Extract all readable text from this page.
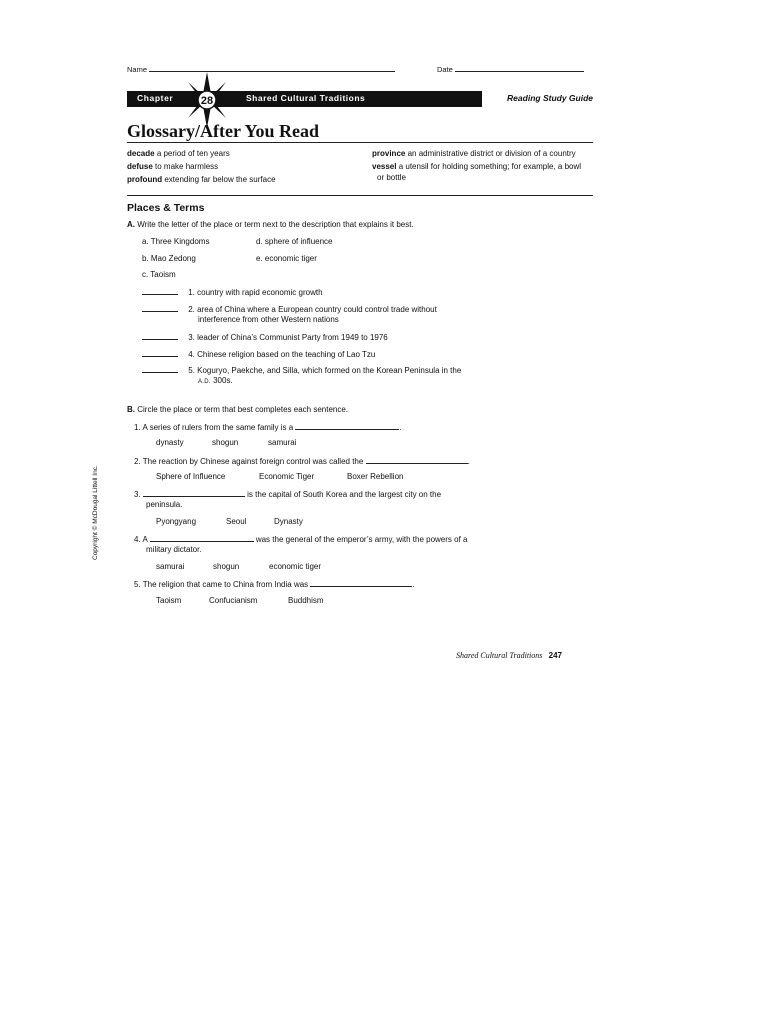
Name	Date
Chapter	Shared Cultural Traditions	Reading Study Guide
28
Glossary/After You Read
decade a period of ten years
defuse to make harmless
profound extending far below the surface
province an administrative district or division of a country
vessel a utensil for holding something; for example, a bowl
or bottle
Places & Terms
A. Write the letter of the place or term next to the description that explains it best.
a. Three Kingdoms	d. sphere of influence
b. Mao Zedong	e. economic tiger
c. Taoism
1. country with rapid economic growth
2. area of China where a European country could control trade without
interference from other Western nations
3. leader of China’s Communist Party from 1949 to 1976
4. Chinese religion based on the teaching of Lao Tzu
5. Koguryo, Paekche, and Silla, which formed on the Korean Peninsula in the
A.D. 300s.
B. Circle the place or term that best completes each sentence.
1. A series of rulers from the same family is a	.
dynasty	shogun	samurai
2. The reaction by Chinese against foreign control was called the	.
Sphere of Influence	Economic Tiger	Boxer Rebellion
3.	is the capital of South Korea and the largest city on the
peninsula.
Pyongyang	Seoul	Dynasty
4. A	was the general of the emperor’s army, with the powers of a
military dictator.
samurai	shogun	economic tiger
5. The religion that came to China from India was	.
Taoism	Confucianism	Buddhism
Shared Cultural Traditions 247
Copyright © McDougal Littell Inc.
